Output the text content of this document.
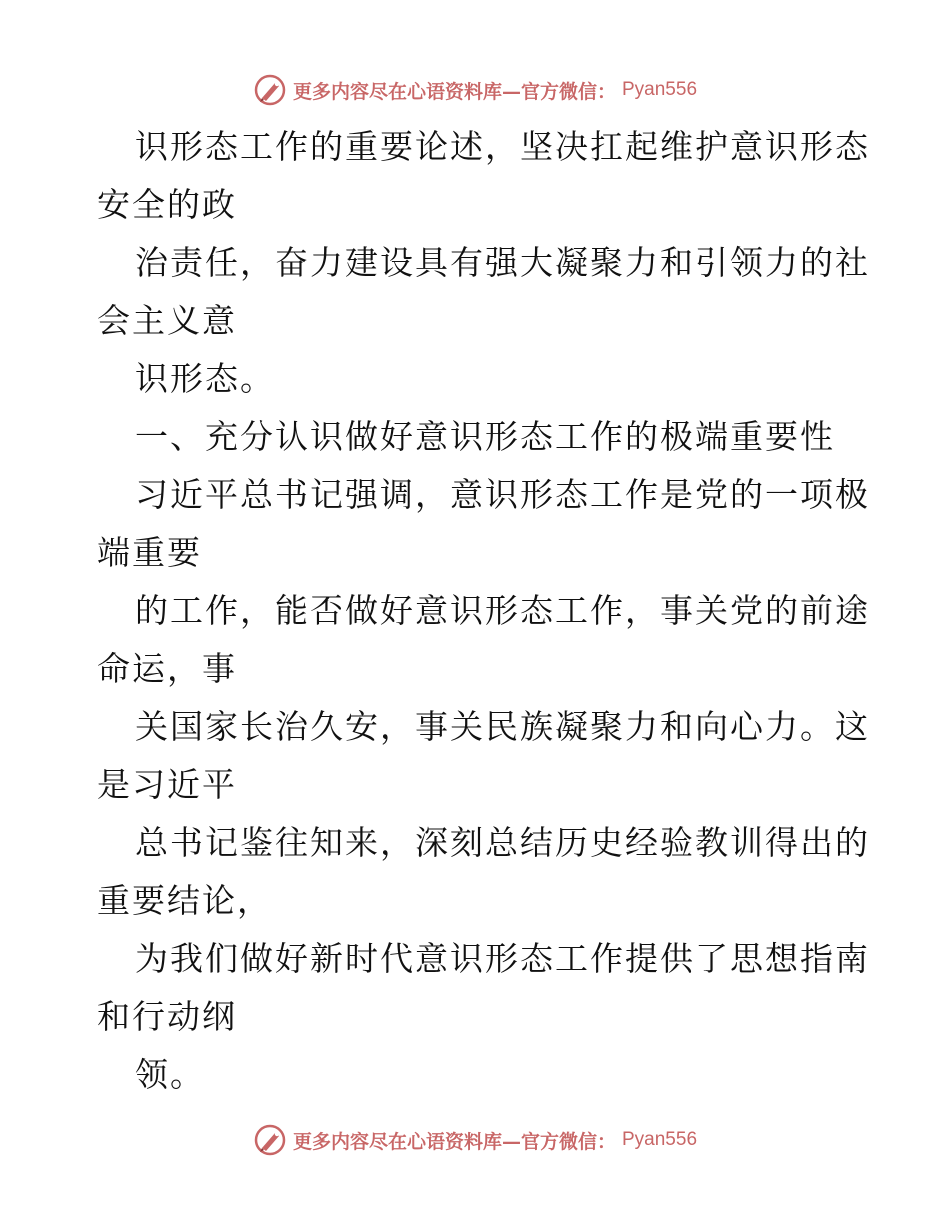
更多内容尽在心语资料库—官方微信： Pyan556
识形态工作的重要论述，坚决扛起维护意识形态
安全的政
治责任，奋力建设具有强大凝聚力和引领力的社
会主义意
识形态。
一、充分认识做好意识形态工作的极端重要性
习近平总书记强调，意识形态工作是党的一项极
端重要
的工作，能否做好意识形态工作，事关党的前途
命运，事
关国家长治久安，事关民族凝聚力和向心力。这
是习近平
总书记鉴往知来，深刻总结历史经验教训得出的
重要结论，
为我们做好新时代意识形态工作提供了思想指南
和行动纲
领。
更多内容尽在心语资料库—官方微信： Pyan556
